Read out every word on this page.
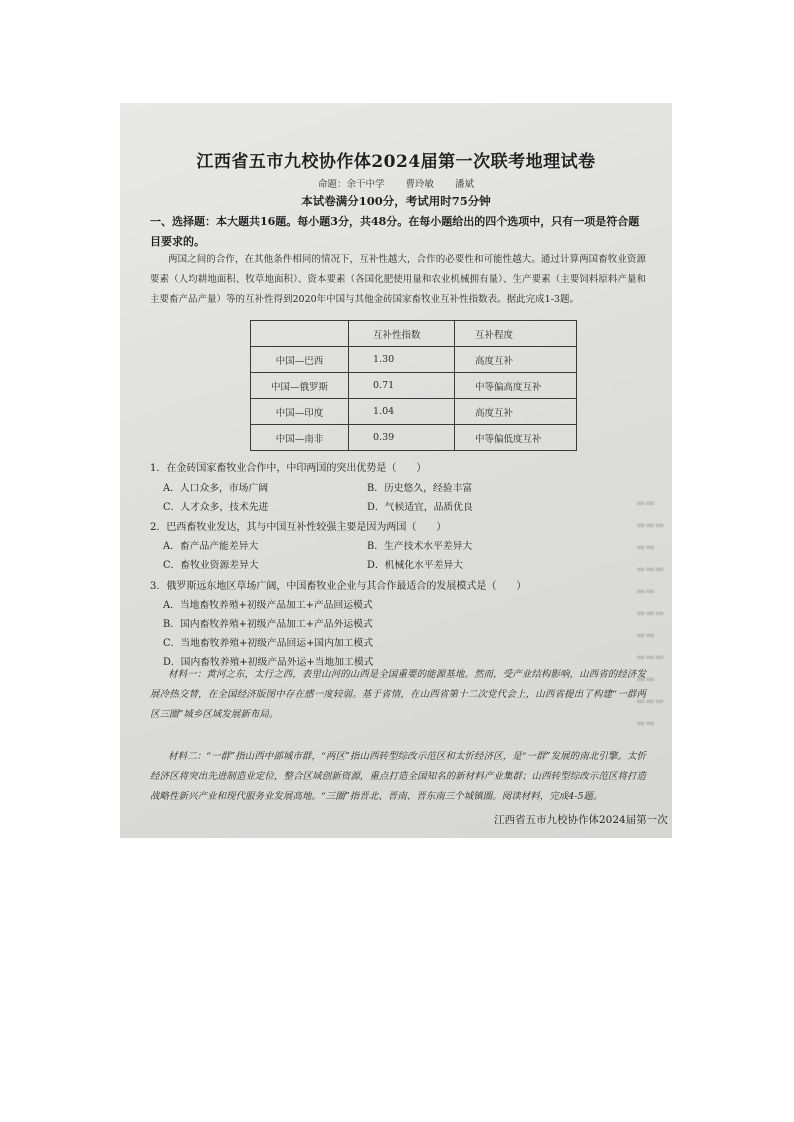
▬▬
▬▬▬
▬▬
▬▬▬
▬▬
▬▬▬
▬▬
▬▬▬
▬▬
▬▬▬
▬▬
江西省五市九校协作体2024届第一次联考地理试卷
命题：余干中学 曹玲敏 潘斌
本试卷满分100分，考试用时75分钟
一、选择题：本大题共16题。每小题3分，共48分。在每小题给出的四个选项中，只有一项是符合题目要求的。
两国之间的合作，在其他条件相同的情况下，互补性越大，合作的必要性和可能性越大。通过计算两国畜牧业资源要素（人均耕地面积、牧草地面积）、资本要素（各国化肥使用量和农业机械拥有量）、生产要素（主要饲料原料产量和主要畜产品产量）等的互补性得到2020年中国与其他金砖国家畜牧业互补性指数表。据此完成1-3题。
	互补性指数	互补程度
中国—巴西	1.30	高度互补
中国—俄罗斯	0.71	中等偏高度互补
中国—印度	1.04	高度互补
中国—南非	0.39	中等偏低度互补
1．在金砖国家畜牧业合作中，中印两国的突出优势是（　　）
A．人口众多，市场广阔	B．历史悠久，经验丰富
C．人才众多，技术先进	D．气候适宜，品质优良
2．巴西畜牧业发达，其与中国互补性较强主要是因为两国（　　）
A．畜产品产能差异大	B．生产技术水平差异大
C．畜牧业资源差异大	D．机械化水平差异大
3．俄罗斯远东地区草场广阔，中国畜牧业企业与其合作最适合的发展模式是（　　）
A．当地畜牧养殖+初级产品加工+产品回运模式
B．国内畜牧养殖+初级产品加工+产品外运模式
C．当地畜牧养殖+初级产品回运+国内加工模式
D．国内畜牧养殖+初级产品外运+当地加工模式
材料一：黄河之东，太行之西，表里山河的山西是全国重要的能源基地。然而，受产业结构影响，山西省的经济发展冷热交替，在全国经济版图中存在感一度较弱。基于省情，在山西省第十二次党代会上，山西省提出了构建“一群两区三圈”城乡区域发展新布局。
材料二：“一群”指山西中部城市群，“两区”指山西转型综改示范区和太忻经济区，是“一群”发展的南北引擎。太忻经济区将突出先进制造业定位，整合区域创新资源，重点打造全国知名的新材料产业集群；山西转型综改示范区将打造战略性新兴产业和现代服务业发展高地。“三圈”指晋北、晋南、晋东南三个城镇圈。阅读材料，完成4-5题。
江西省五市九校协作体2024届第一次
